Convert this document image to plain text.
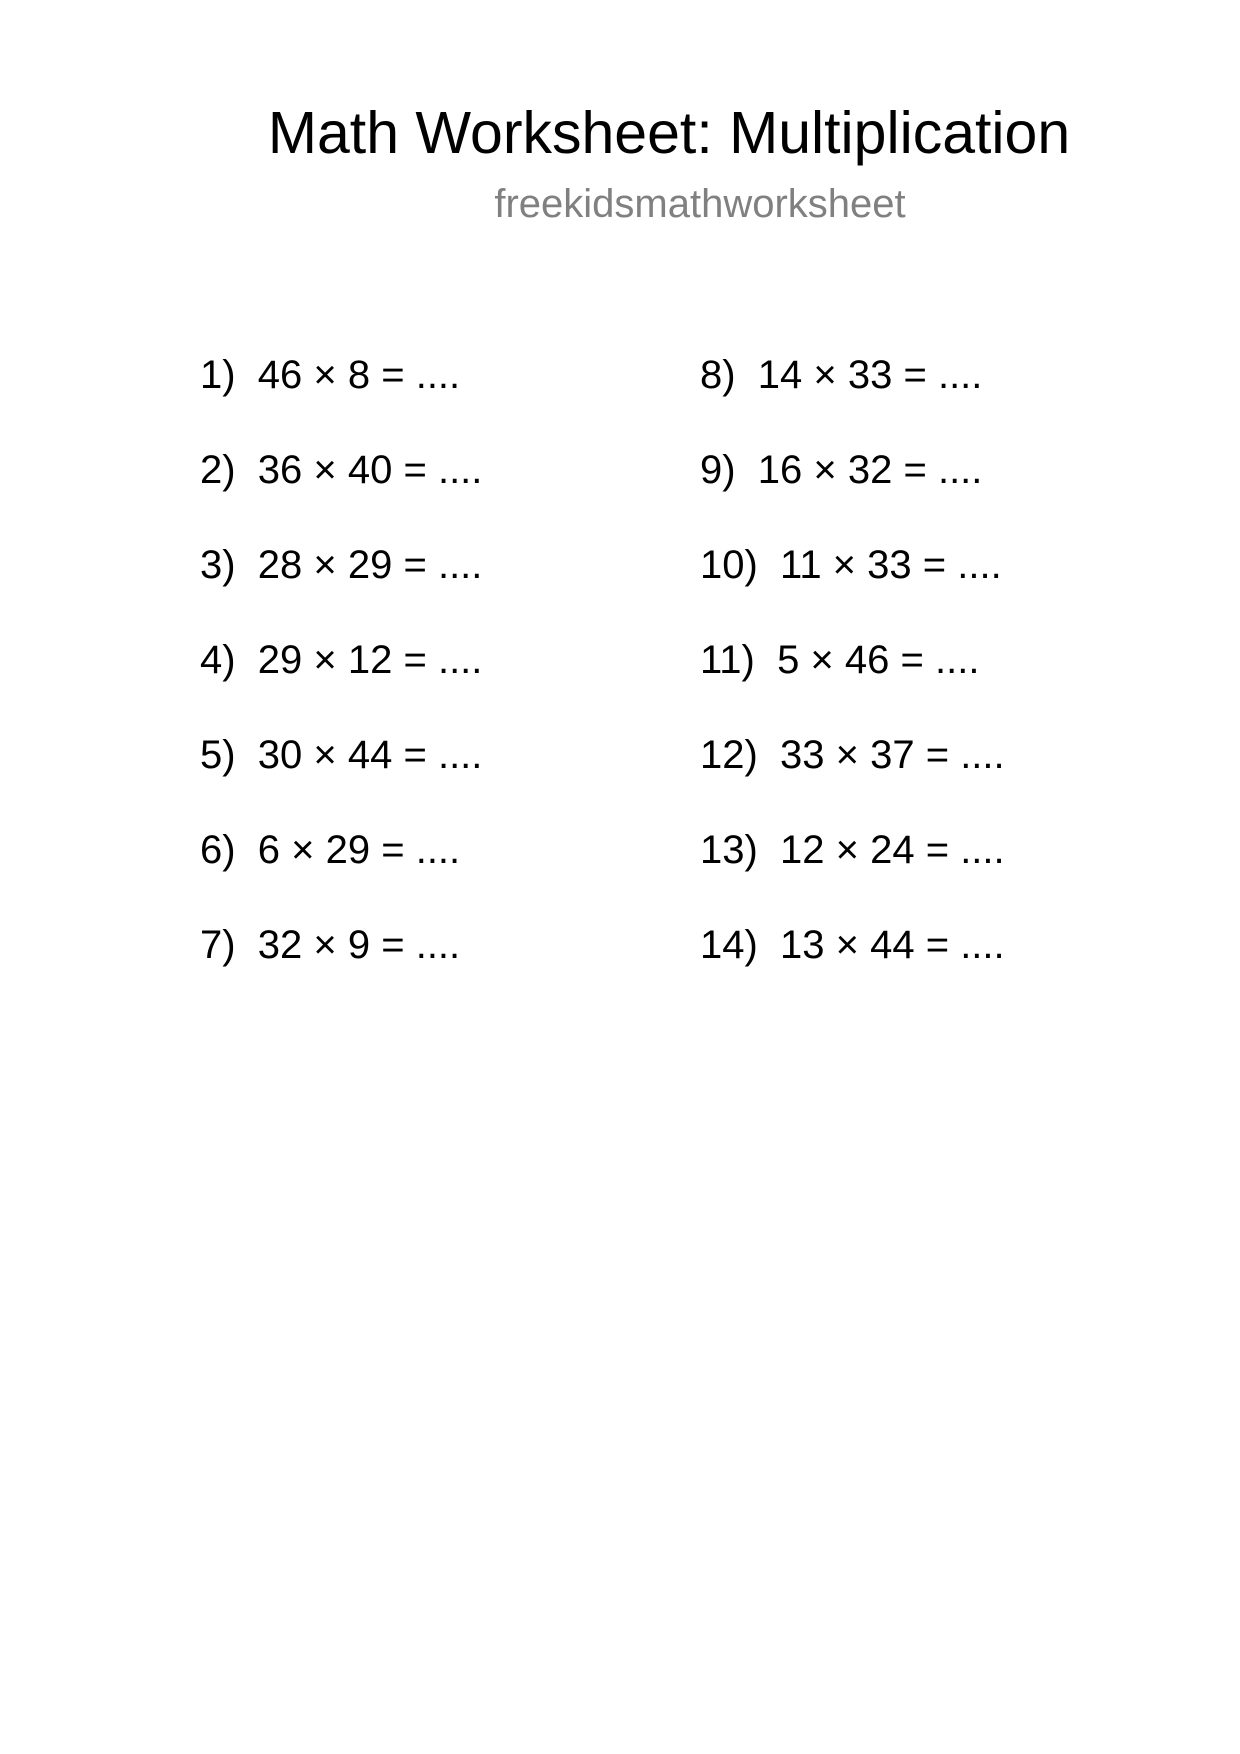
Math Worksheet: Multiplication
freekidsmathworksheet
1)  46 × 8 = ....
2)  36 × 40 = ....
3)  28 × 29 = ....
4)  29 × 12 = ....
5)  30 × 44 = ....
6)  6 × 29 = ....
7)  32 × 9 = ....
8)  14 × 33 = ....
9)  16 × 32 = ....
10)  11 × 33 = ....
11)  5 × 46 = ....
12)  33 × 37 = ....
13)  12 × 24 = ....
14)  13 × 44 = ....
